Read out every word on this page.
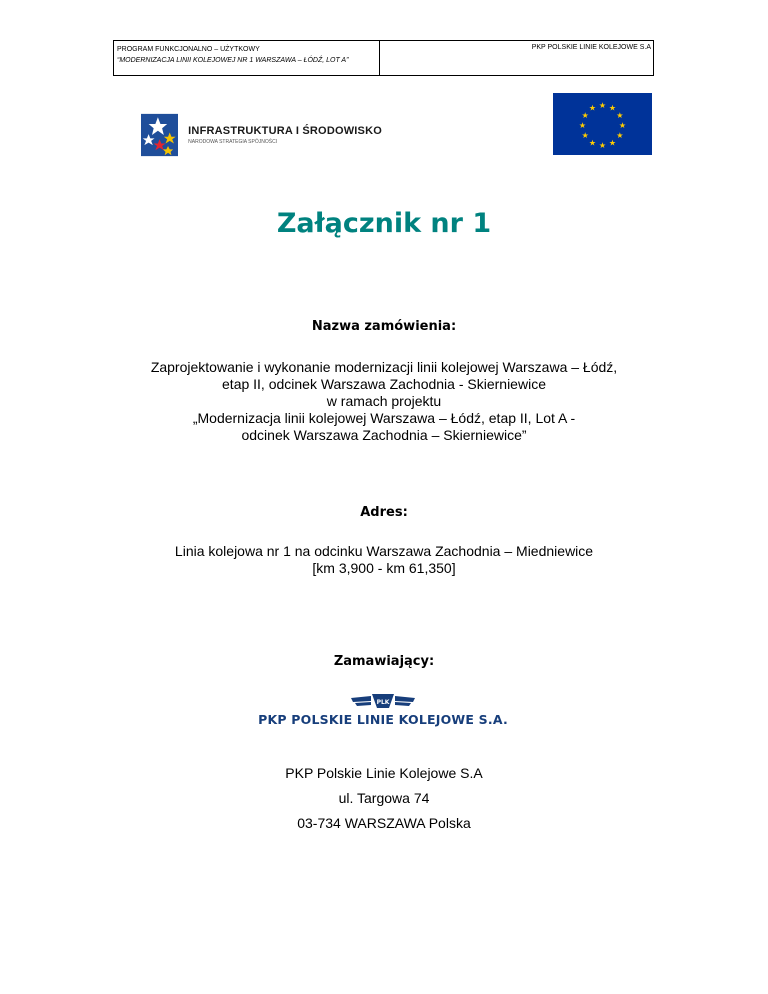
PROGRAM FUNKCJONALNO – UŻYTKOWY
“MODERNIZACJA LINII KOLEJOWEJ NR 1 WARSZAWA – ŁÓDŹ, LOT A”
PKP POLSKIE LINIE KOLEJOWE S.A
INFRASTRUKTURA I ŚRODOWISKO
NARODOWA STRATEGIA SPÓJNOŚCI
★ ★
★
★
★
★
★
★
★
★
★
★
Załącznik nr 1
Nazwa zamówienia:
Zaprojektowanie i wykonanie modernizacji linii kolejowej Warszawa – Łódź,
etap II, odcinek Warszawa Zachodnia - Skierniewice
w ramach projektu
„Modernizacja linii kolejowej Warszawa – Łódź, etap II, Lot A -
odcinek Warszawa Zachodnia – Skierniewice”
Adres:
Linia kolejowa nr 1 na odcinku Warszawa Zachodnia – Miedniewice
[km 3,900 - km 61,350]
Zamawiający:
PLK
PKP POLSKIE LINIE KOLEJOWE S.A.
PKP Polskie Linie Kolejowe S.A
ul. Targowa 74
03-734 WARSZAWA Polska
